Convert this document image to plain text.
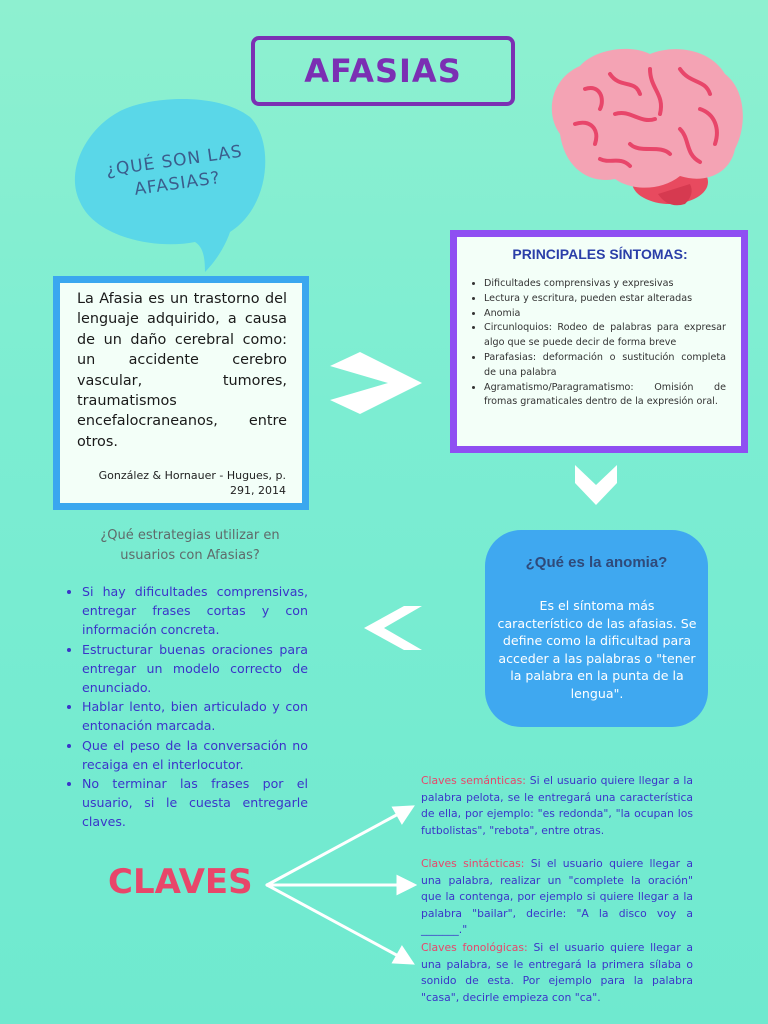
AFASIAS
¿QUÉ SON LAS AFASIAS?
La Afasia es un trastorno del lenguaje adquirido, a causa de un daño cerebral como: un accidente cerebro vascular, tumores, traumatismos encefalocraneanos, entre otros.
González & Hornauer - Hugues, p. 291, 2014
PRINCIPALES SÍNTOMAS:
• Dificultades comprensivas y expresivas
• Lectura y escritura, pueden estar alteradas
• Anomia
• Circunloquios: Rodeo de palabras para expresar algo que se puede decir de forma breve
• Parafasias: deformación o sustitución completa de una palabra
• Agramatismo/Paragramatismo: Omisión de fromas gramaticales dentro de la expresión oral.
¿Qué es la anomia?
Es el síntoma más característico de las afasias. Se define como la dificultad para acceder a las palabras o "tener la palabra en la punta de la lengua".
¿Qué estrategias utilizar en usuarios con Afasias?
• Si hay dificultades comprensivas, entregar frases cortas y con información concreta.
• Estructurar buenas oraciones para entregar un modelo correcto de enunciado.
• Hablar lento, bien articulado y con entonación marcada.
• Que el peso de la conversación no recaiga en el interlocutor.
• No terminar las frases por el usuario, si le cuesta entregarle claves.
CLAVES
Claves semánticas: Si el usuario quiere llegar a la palabra pelota, se le entregará una característica de ella, por ejemplo: "es redonda", "la ocupan los futbolistas", "rebota", entre otras.
Claves sintácticas: Si el usuario quiere llegar a una palabra, realizar un "complete la oración" que la contenga, por ejemplo si quiere llegar a la palabra "bailar", decirle: "A la disco voy a _______."
Claves fonológicas: Si el usuario quiere llegar a una palabra, se le entregará la primera sílaba o sonido de esta. Por ejemplo para la palabra "casa", decirle empieza con "ca".
